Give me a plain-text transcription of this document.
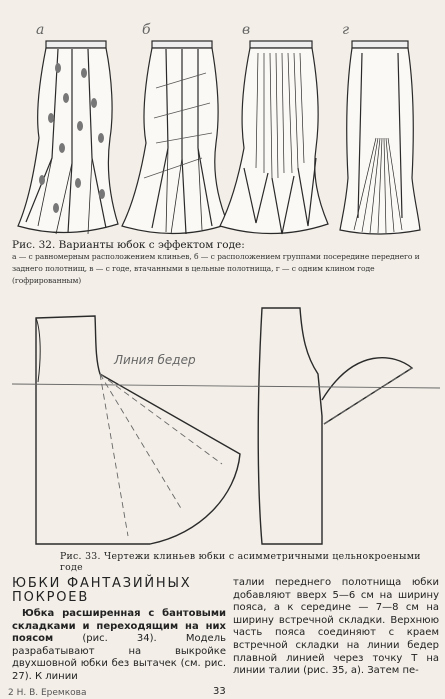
а	б	в	г
Рис. 32. Варианты юбок с эффектом годе:
а — с равномерным расположением клиньев, б — с расположением группами посередине переднего и заднего полотнищ, в — с годе, втачанными в цельные полотнища, г — с одним клином годе (гофрированным)
Линия бедер
Рис. 33. Чертежи клиньев юбки с асимметричными цельнокроеными годе
ЮБКИ ФАНТАЗИЙНЫХ ПОКРОЕВ

Юбка расширенная с бантовыми складками и переходящим на них поясом (рис. 34). Модель разрабатывают на выкройке двухшовной юбки без вытачек (см. рис. 27). К линии

талии переднего полотнища юбки добавляют вверх 5—6 см на ширину пояса, а к середине — 7—8 см на ширину встречной складки. Верхнюю часть пояса соединяют с краем встречной складки на линии бедер плавной линией через точку Т на линии талии (рис. 35, а). Затем пе-

2 Н. В. Еремкова	33
